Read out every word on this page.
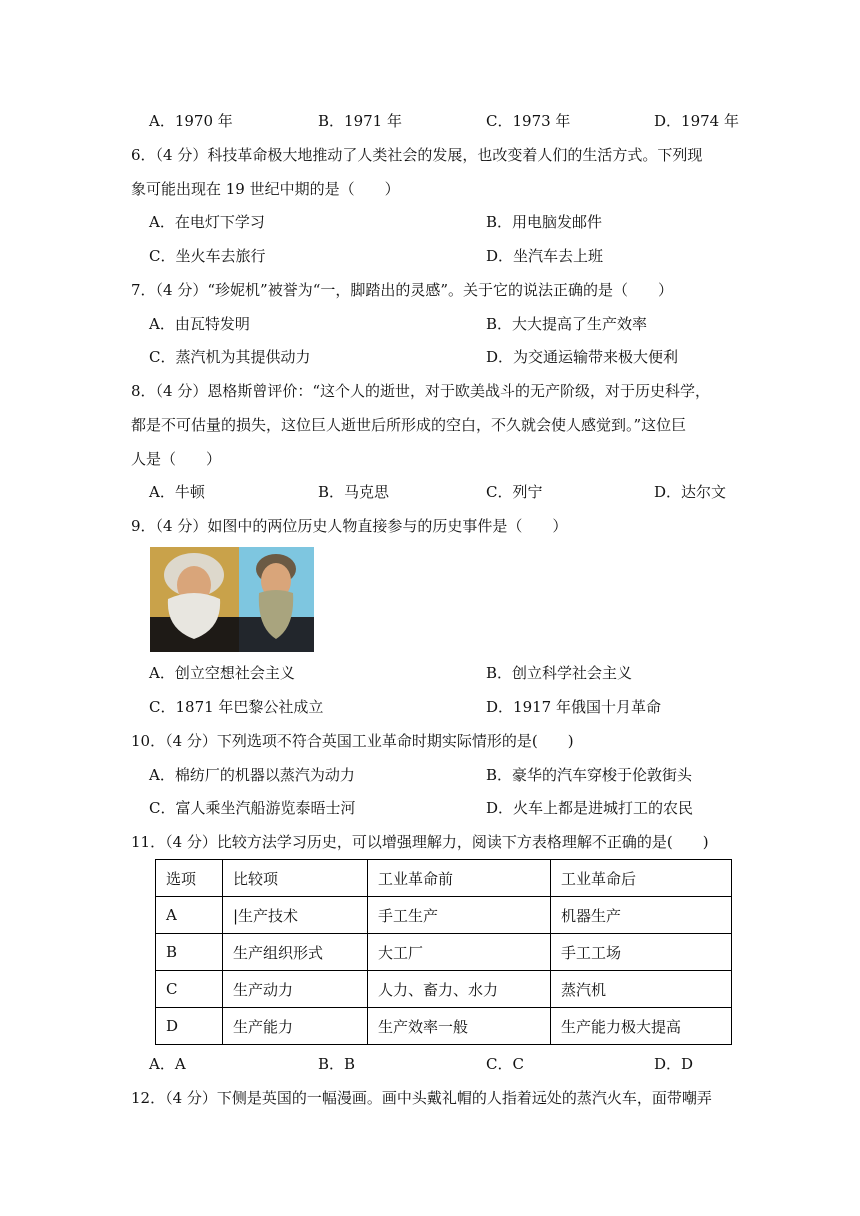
A．1970 年	B．1971 年	C．1973 年	D．1974 年
6．（4 分）科技革命极大地推动了人类社会的发展，也改变着人们的生活方式。下列现
象可能出现在 19 世纪中期的是（　　）
A．在电灯下学习	B．用电脑发邮件
C．坐火车去旅行	D．坐汽车去上班
7．（4 分）“珍妮机”被誉为“一，脚踏出的灵感”。关于它的说法正确的是（　　）
A．由瓦特发明	B．大大提高了生产效率
C．蒸汽机为其提供动力	D．为交通运输带来极大便利
8．（4 分）恩格斯曾评价：“这个人的逝世，对于欧美战斗的无产阶级，对于历史科学，
都是不可估量的损失，这位巨人逝世后所形成的空白，不久就会使人感觉到。”这位巨
人是（　　）
A．牛顿	B．马克思	C．列宁	D．达尔文
9．（4 分）如图中的两位历史人物直接参与的历史事件是（　　）
A．创立空想社会主义	B．创立科学社会主义
C．1871 年巴黎公社成立	D．1917 年俄国十月革命
10．（4 分）下列选项不符合英国工业革命时期实际情形的是(　　)
A．棉纺厂的机器以蒸汽为动力	B．豪华的汽车穿梭于伦敦街头
C．富人乘坐汽船游览泰晤士河	D．火车上都是进城打工的农民
11．（4 分）比较方法学习历史，可以增强理解力，阅读下方表格理解不正确的是(　　)
选项	比较项	工业革命前	工业革命后
A	|生产技术	手工生产	机器生产
B	生产组织形式	大工厂	手工工场
C	生产动力	人力、畜力、水力	蒸汽机
D	生产能力	生产效率一般	生产能力极大提高
A．A	B．B	C．C	D．D
12．（4 分）下侧是英国的一幅漫画。画中头戴礼帽的人指着远处的蒸汽火车，面带嘲弄
